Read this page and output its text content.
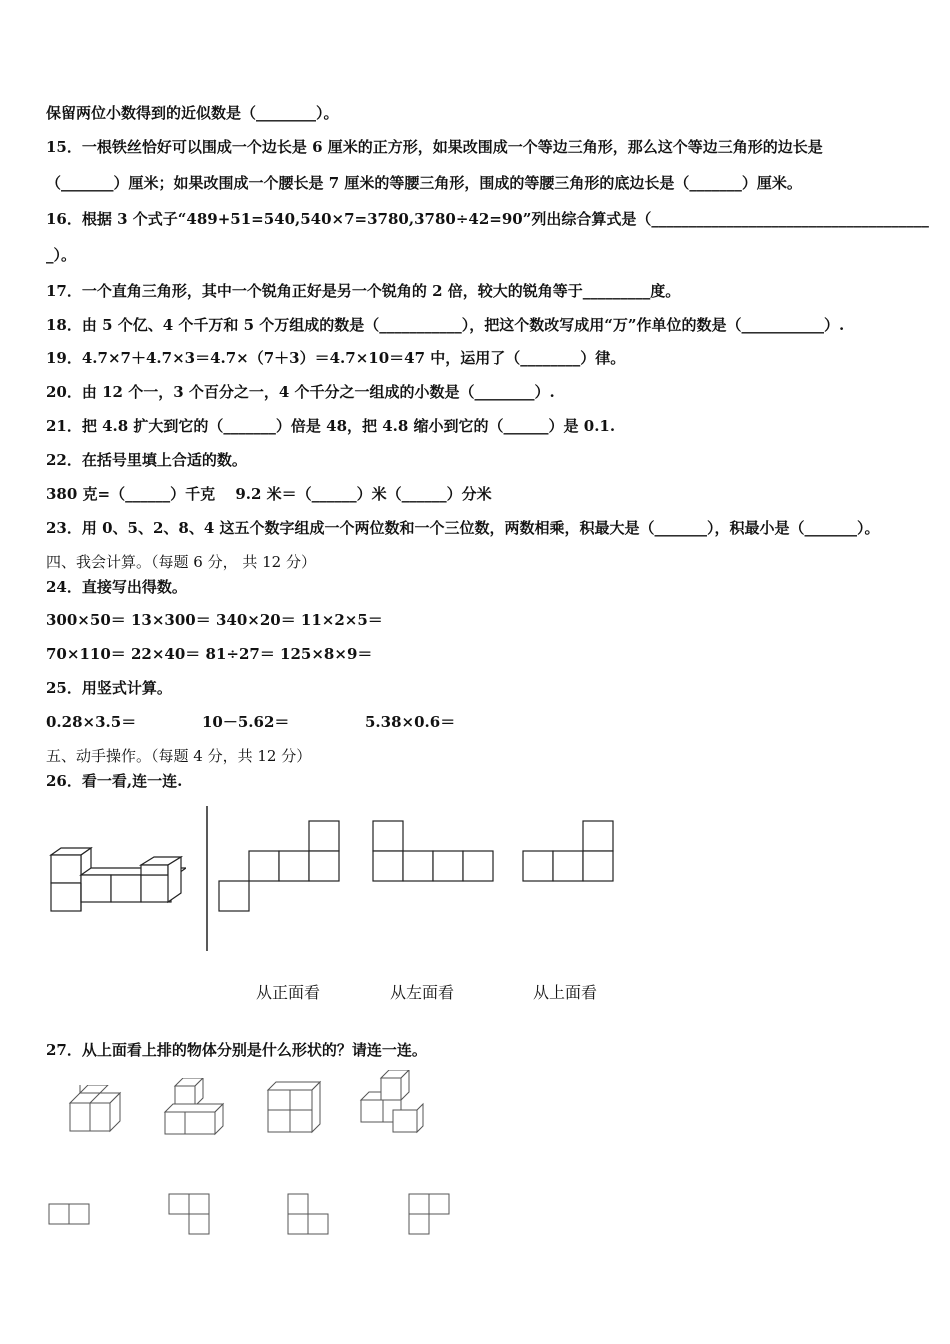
保留两位小数得到的近似数是（________）。
15．一根铁丝恰好可以围成一个边长是 6 厘米的正方形，如果改围成一个等边三角形，那么这个等边三角形的边长是
（_______）厘米；如果改围成一个腰长是 7 厘米的等腰三角形，围成的等腰三角形的底边长是（_______）厘米。
16．根据 3 个式子“489+51=540,540×7=3780,3780÷42=90”列出综合算式是（_____________________________________
_）。
17．一个直角三角形，其中一个锐角正好是另一个锐角的 2 倍，较大的锐角等于_________度。
18．由 5 个亿、4 个千万和 5 个万组成的数是（___________），把这个数改写成用“万”作单位的数是（___________）.
19．4.7×7＋4.7×3＝4.7×（7＋3）＝4.7×10＝47 中，运用了（________）律。
20．由 12 个一，3 个百分之一，4 个千分之一组成的小数是（________）.
21．把 4.8 扩大到它的（_______）倍是 48，把 4.8 缩小到它的（______）是 0.1.
22．在括号里填上合适的数。
380 克=（______）千克　 9.2 米＝（______）米（______）分米
23．用 0、5、2、8、4 这五个数字组成一个两位数和一个三位数，两数相乘，积最大是（_______），积最小是（_______）。
四、我会计算。（每题 6 分， 共 12 分）
24．直接写出得数。
300×50＝ 13×300＝ 340×20＝ 11×2×5＝
70×110＝ 22×40＝ 81÷27＝ 125×8×9＝
25．用竖式计算。
0.28×3.5＝	10－5.62＝	5.38×0.6＝
五、动手操作。（每题 4 分，共 12 分）
26．看一看,连一连.
从正面看	从左面看	从上面看
27．从上面看上排的物体分别是什么形状的？请连一连。
